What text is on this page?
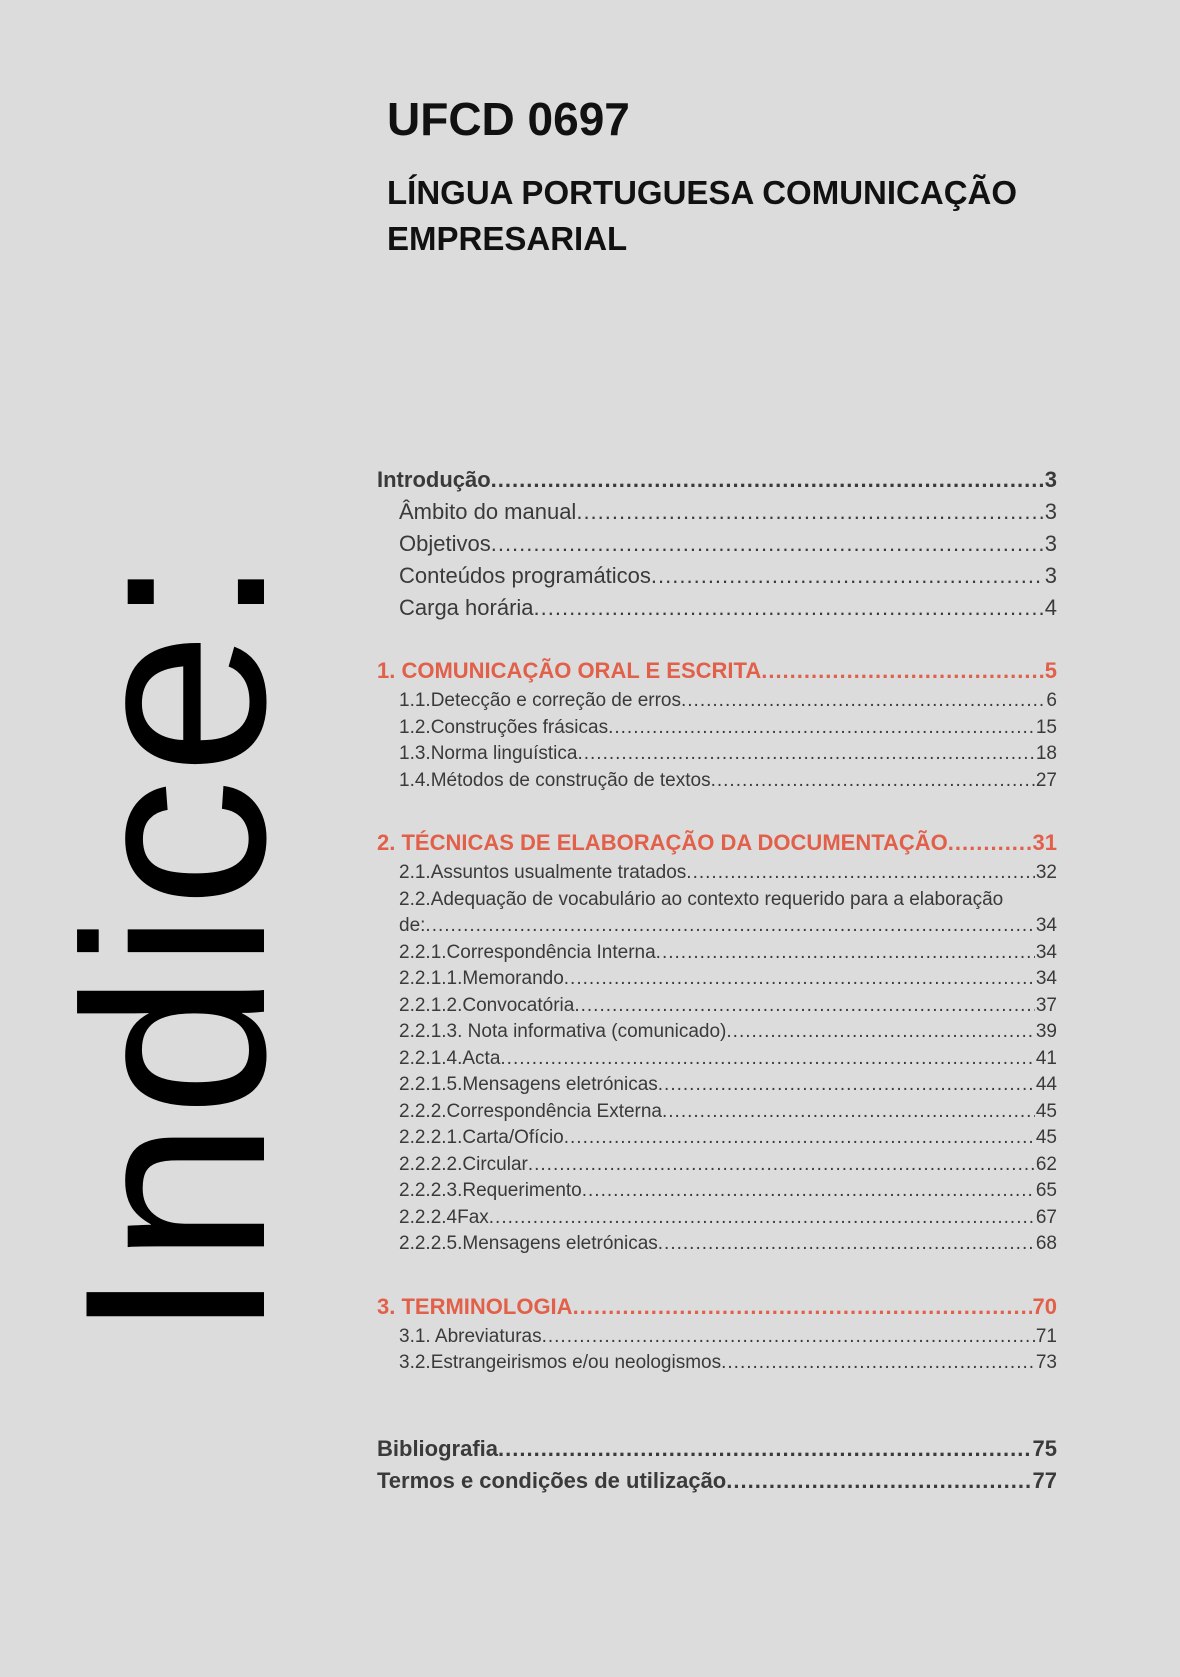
Indice:
UFCD 0697
LÍNGUA PORTUGUESA COMUNICAÇÃO
EMPRESARIAL
Introdução .....	3
Âmbito do manual .....	3
Objetivos .....	3
Conteúdos programáticos .....	3
Carga horária .....	4
1. COMUNICAÇÃO ORAL E ESCRITA .....	5
1.1.Detecção e correção de erros .....	6
1.2.Construções frásicas .....	15
1.3.Norma linguística .....	18
1.4.Métodos de construção de textos .....	27
2. TÉCNICAS DE ELABORAÇÃO DA DOCUMENTAÇÃO .....	31
2.1.Assuntos usualmente tratados .....	32
2.2.Adequação de vocabulário ao contexto requerido para a elaboração
de: .....	34
2.2.1.Correspondência Interna .....	34
2.2.1.1.Memorando .....	34
2.2.1.2.Convocatória .....	37
2.2.1.3. Nota informativa (comunicado) .....	39
2.2.1.4.Acta .....	41
2.2.1.5.Mensagens eletrónicas .....	44
2.2.2.Correspondência Externa .....	45
2.2.2.1.Carta/Ofício .....	45
2.2.2.2.Circular .....	62
2.2.2.3.Requerimento .....	65
2.2.2.4Fax .....	67
2.2.2.5.Mensagens eletrónicas .....	68
3. TERMINOLOGIA .....	70
3.1. Abreviaturas .....	71
3.2.Estrangeirismos e/ou neologismos .....	73
Bibliografia .....	75
Termos e condições de utilização .....	77
